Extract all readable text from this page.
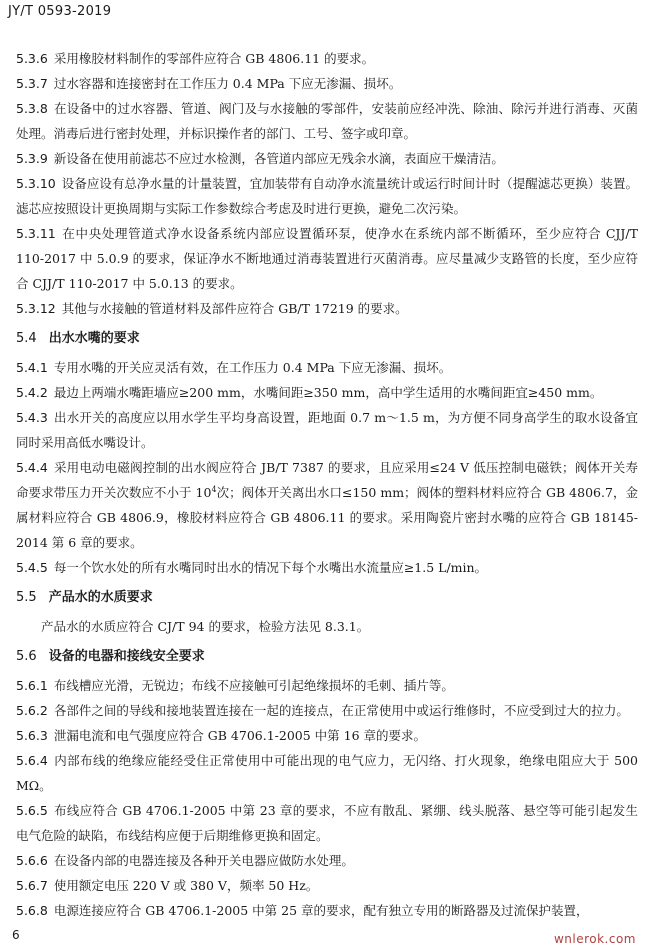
JY/T 0593-2019

5.3.6 采用橡胶材料制作的零部件应符合 GB 4806.11 的要求。

5.3.7 过水容器和连接密封在工作压力 0.4 MPa 下应无渗漏、损坏。

5.3.8 在设备中的过水容器、管道、阀门及与水接触的零部件，安装前应经冲洗、除油、除污并进行消毒、灭菌处理。消毒后进行密封处理，并标识操作者的部门、工号、签字或印章。

5.3.9 新设备在使用前滤芯不应过水检测，各管道内部应无残余水滴，表面应干燥清洁。

5.3.10 设备应设有总净水量的计量装置，宜加装带有自动净水流量统计或运行时间计时（提醒滤芯更换）装置。滤芯应按照设计更换周期与实际工作参数综合考虑及时进行更换，避免二次污染。

5.3.11 在中央处理管道式净水设备系统内部应设置循环泵，使净水在系统内部不断循环，至少应符合 CJJ/T 110-2017 中 5.0.9 的要求，保证净水不断地通过消毒装置进行灭菌消毒。应尽量减少支路管的长度，至少应符合 CJJ/T 110-2017 中 5.0.13 的要求。

5.3.12 其他与水接触的管道材料及部件应符合 GB/T 17219 的要求。

5.4 出水水嘴的要求

5.4.1 专用水嘴的开关应灵活有效，在工作压力 0.4 MPa 下应无渗漏、损坏。

5.4.2 最边上两端水嘴距墙应≥200 mm，水嘴间距≥350 mm，高中学生适用的水嘴间距宜≥450 mm。

5.4.3 出水开关的高度应以用水学生平均身高设置，距地面 0.7 m～1.5 m，为方便不同身高学生的取水设备宜同时采用高低水嘴设计。

5.4.4 采用电动电磁阀控制的出水阀应符合 JB/T 7387 的要求，且应采用≤24 V 低压控制电磁铁；阀体开关寿命要求带压力开关次数应不小于 $10^4$次；阀体开关离出水口≤150 mm；阀体的塑料材料应符合 GB 4806.7，金属材料应符合 GB 4806.9，橡胶材料应符合 GB 4806.11 的要求。采用陶瓷片密封水嘴的应符合 GB 18145-2014 第 6 章的要求。

5.4.5 每一个饮水处的所有水嘴同时出水的情况下每个水嘴出水流量应≥1.5 L/min。

5.5 产品水的水质要求

产品水的水质应符合 CJ/T 94 的要求，检验方法见 8.3.1。

5.6 设备的电器和接线安全要求

5.6.1 布线槽应光滑，无锐边；布线不应接触可引起绝缘损坏的毛刺、插片等。

5.6.2 各部件之间的导线和接地装置连接在一起的连接点，在正常使用中或运行维修时，不应受到过大的拉力。

5.6.3 泄漏电流和电气强度应符合 GB 4706.1-2005 中第 16 章的要求。

5.6.4 内部布线的绝缘应能经受住正常使用中可能出现的电气应力，无闪络、打火现象，绝缘电阻应大于 500 MΩ。

5.6.5 布线应符合 GB 4706.1-2005 中第 23 章的要求，不应有散乱、紧绷、线头脱落、悬空等可能引起发生电气危险的缺陷，布线结构应便于后期维修更换和固定。

5.6.6 在设备内部的电器连接及各种开关电器应做防水处理。

5.6.7 使用额定电压 220 V 或 380 V，频率 50 Hz。

5.6.8 电源连接应符合 GB 4706.1-2005 中第 25 章的要求，配有独立专用的断路器及过流保护装置，

6	wnlerok.com
